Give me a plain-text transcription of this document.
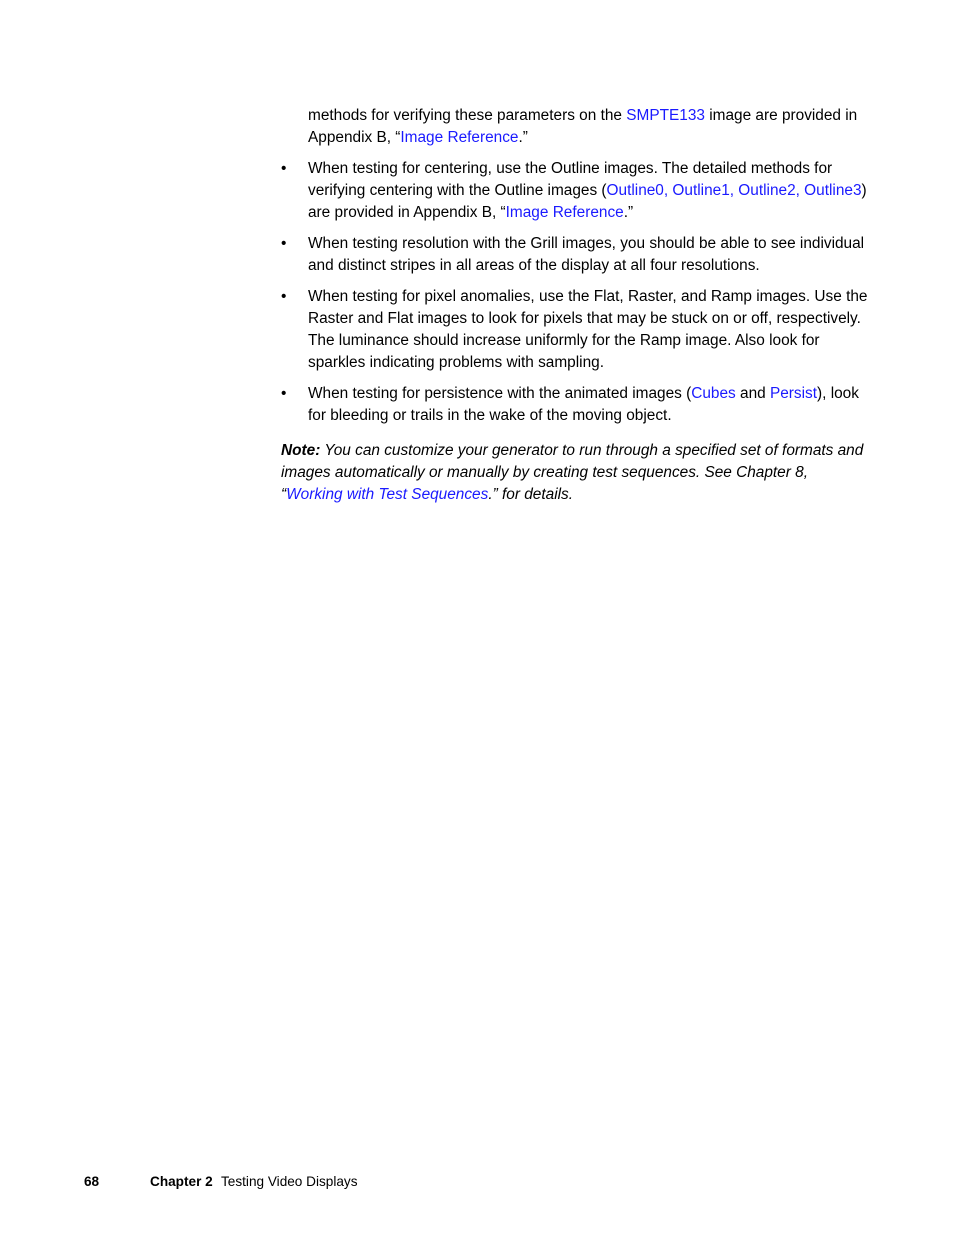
methods for verifying these parameters on the SMPTE133 image are provided in Appendix B, “Image Reference.”

• When testing for centering, use the Outline images. The detailed methods for verifying centering with the Outline images (Outline0, Outline1, Outline2, Outline3) are provided in Appendix B, “Image Reference.”
• When testing resolution with the Grill images, you should be able to see individual and distinct stripes in all areas of the display at all four resolutions.
• When testing for pixel anomalies, use the Flat, Raster, and Ramp images. Use the Raster and Flat images to look for pixels that may be stuck on or off, respectively. The luminance should increase uniformly for the Ramp image. Also look for sparkles indicating problems with sampling.
• When testing for persistence with the animated images (Cubes and Persist), look for bleeding or trails in the wake of the moving object.

Note: You can customize your generator to run through a specified set of formats and images automatically or manually by creating test sequences. See Chapter 8, “Working with Test Sequences.” for details.

68	Chapter 2 Testing Video Displays
